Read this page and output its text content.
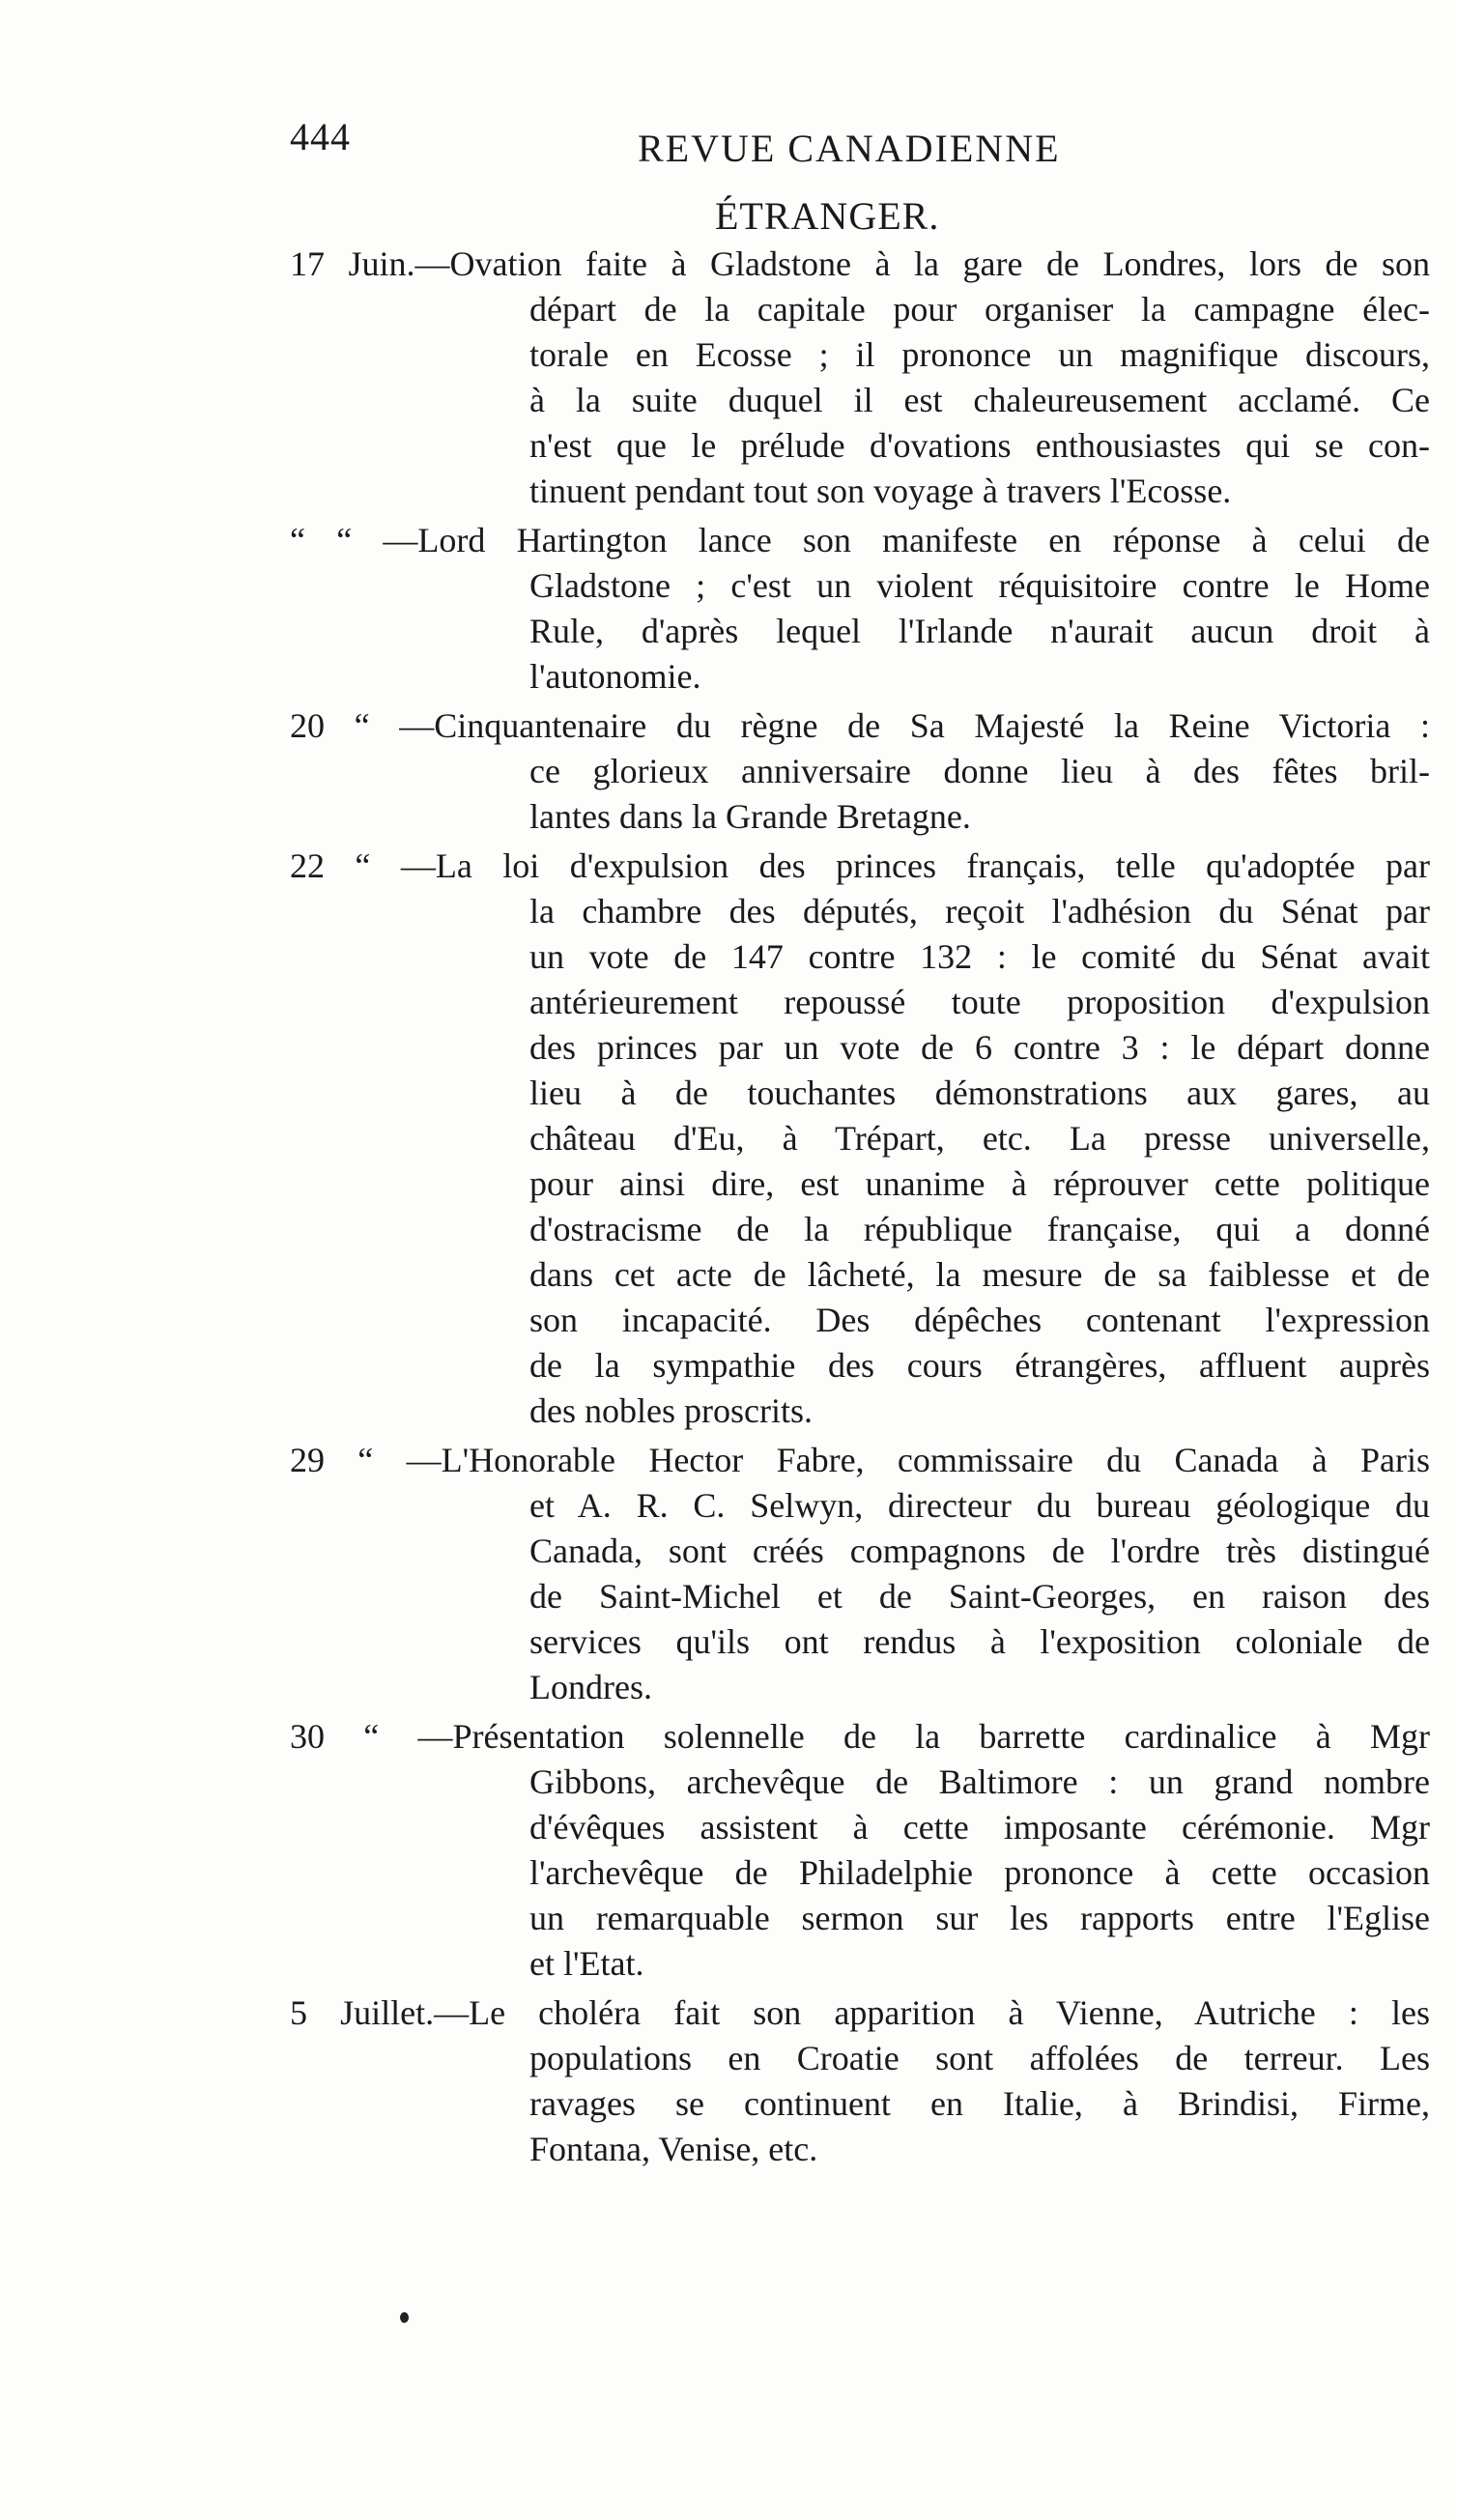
444	REVUE CANADIENNE
ÉTRANGER.
17 Juin.—Ovation faite à Gladstone à la gare de Londres, lors de son
départ de la capitale pour organiser la campagne élec-
torale en Ecosse ; il prononce un magnifique discours,
à la suite duquel il est chaleureusement acclamé. Ce
n'est que le prélude d'ovations enthousiastes qui se con-
tinuent pendant tout son voyage à travers l'Ecosse.
“ “ —Lord Hartington lance son manifeste en réponse à celui de
Gladstone ; c'est un violent réquisitoire contre le Home
Rule, d'après lequel l'Irlande n'aurait aucun droit à
l'autonomie.
20 “ —Cinquantenaire du règne de Sa Majesté la Reine Victoria :
ce glorieux anniversaire donne lieu à des fêtes bril-
lantes dans la Grande Bretagne.
22 “ —La loi d'expulsion des princes français, telle qu'adoptée par
la chambre des députés, reçoit l'adhésion du Sénat par
un vote de 147 contre 132 : le comité du Sénat avait
antérieurement repoussé toute proposition d'expulsion
des princes par un vote de 6 contre 3 : le départ donne
lieu à de touchantes démonstrations aux gares, au
château d'Eu, à Trépart, etc. La presse universelle,
pour ainsi dire, est unanime à réprouver cette politique
d'ostracisme de la république française, qui a donné
dans cet acte de lâcheté, la mesure de sa faiblesse et de
son incapacité. Des dépêches contenant l'expression
de la sympathie des cours étrangères, affluent auprès
des nobles proscrits.
29 “ —L'Honorable Hector Fabre, commissaire du Canada à Paris
et A. R. C. Selwyn, directeur du bureau géologique du
Canada, sont créés compagnons de l'ordre très distingué
de Saint-Michel et de Saint-Georges, en raison des
services qu'ils ont rendus à l'exposition coloniale de
Londres.
30 “ —Présentation solennelle de la barrette cardinalice à Mgr
Gibbons, archevêque de Baltimore : un grand nombre
d'évêques assistent à cette imposante cérémonie. Mgr
l'archevêque de Philadelphie prononce à cette occasion
un remarquable sermon sur les rapports entre l'Eglise
et l'Etat.
5 Juillet.—Le choléra fait son apparition à Vienne, Autriche : les
populations en Croatie sont affolées de terreur. Les
ravages se continuent en Italie, à Brindisi, Firme,
Fontana, Venise, etc.
